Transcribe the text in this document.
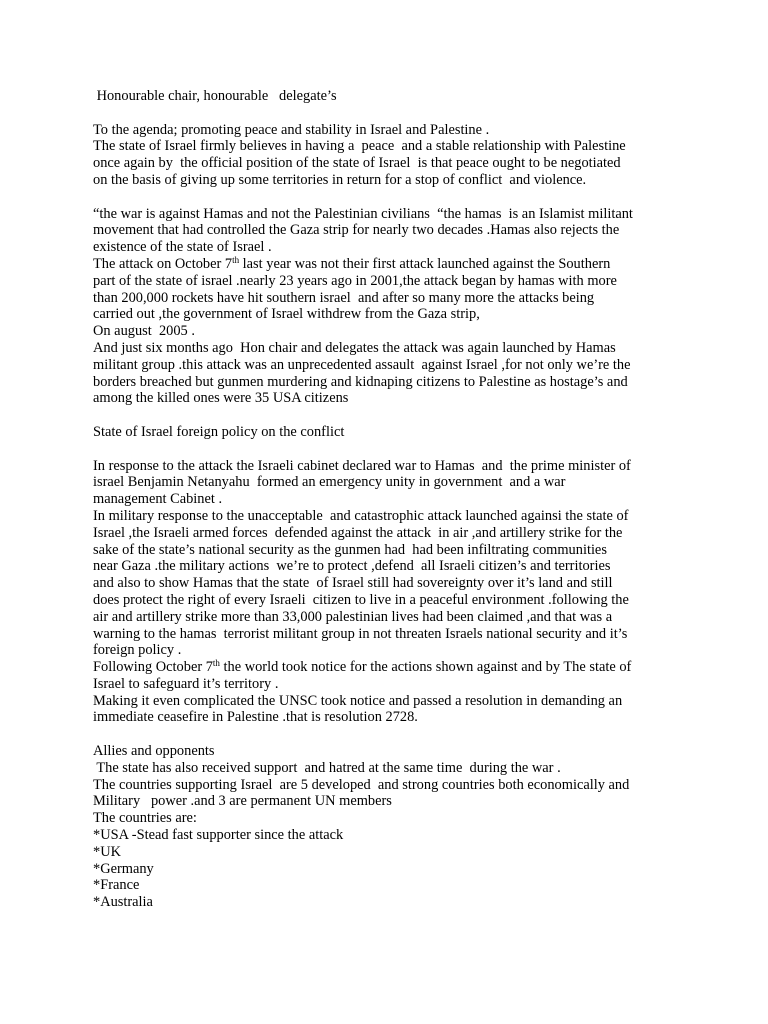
Honourable chair, honourable   delegate’s
To the agenda; promoting peace and stability in Israel and Palestine .
The state of Israel firmly believes in having a  peace  and a stable relationship with Palestine
once again by  the official position of the state of Israel  is that peace ought to be negotiated
on the basis of giving up some territories in return for a stop of conflict  and violence.
“the war is against Hamas and not the Palestinian civilians  “the hamas  is an Islamist militant
movement that had controlled the Gaza strip for nearly two decades .Hamas also rejects the
existence of the state of Israel .
The attack on October 7th last year was not their first attack launched against the Southern
part of the state of israel .nearly 23 years ago in 2001,the attack began by hamas with more
than 200,000 rockets have hit southern israel  and after so many more the attacks being
carried out ,the government of Israel withdrew from the Gaza strip,
On august  2005 .
And just six months ago  Hon chair and delegates the attack was again launched by Hamas
militant group .this attack was an unprecedented assault  against Israel ,for not only we’re the
borders breached but gunmen murdering and kidnaping citizens to Palestine as hostage’s and
among the killed ones were 35 USA citizens
State of Israel foreign policy on the conflict
In response to the attack the Israeli cabinet declared war to Hamas  and  the prime minister of
israel Benjamin Netanyahu  formed an emergency unity in government  and a war
management Cabinet .
In military response to the unacceptable  and catastrophic attack launched againsi the state of
Israel ,the Israeli armed forces  defended against the attack  in air ,and artillery strike for the
sake of the state’s national security as the gunmen had  had been infiltrating communities
near Gaza .the military actions  we’re to protect ,defend  all Israeli citizen’s and territories
and also to show Hamas that the state  of Israel still had sovereignty over it’s land and still
does protect the right of every Israeli  citizen to live in a peaceful environment .following the
air and artillery strike more than 33,000 palestinian lives had been claimed ,and that was a
warning to the hamas  terrorist militant group in not threaten Israels national security and it’s
foreign policy .
Following October 7th the world took notice for the actions shown against and by The state of
Israel to safeguard it’s territory .
Making it even complicated the UNSC took notice and passed a resolution in demanding an
immediate ceasefire in Palestine .that is resolution 2728.
Allies and opponents
The state has also received support  and hatred at the same time  during the war .
The countries supporting Israel  are 5 developed  and strong countries both economically and
Military   power .and 3 are permanent UN members
The countries are:
*USA -Stead fast supporter since the attack
*UK
*Germany
*France
*Australia
